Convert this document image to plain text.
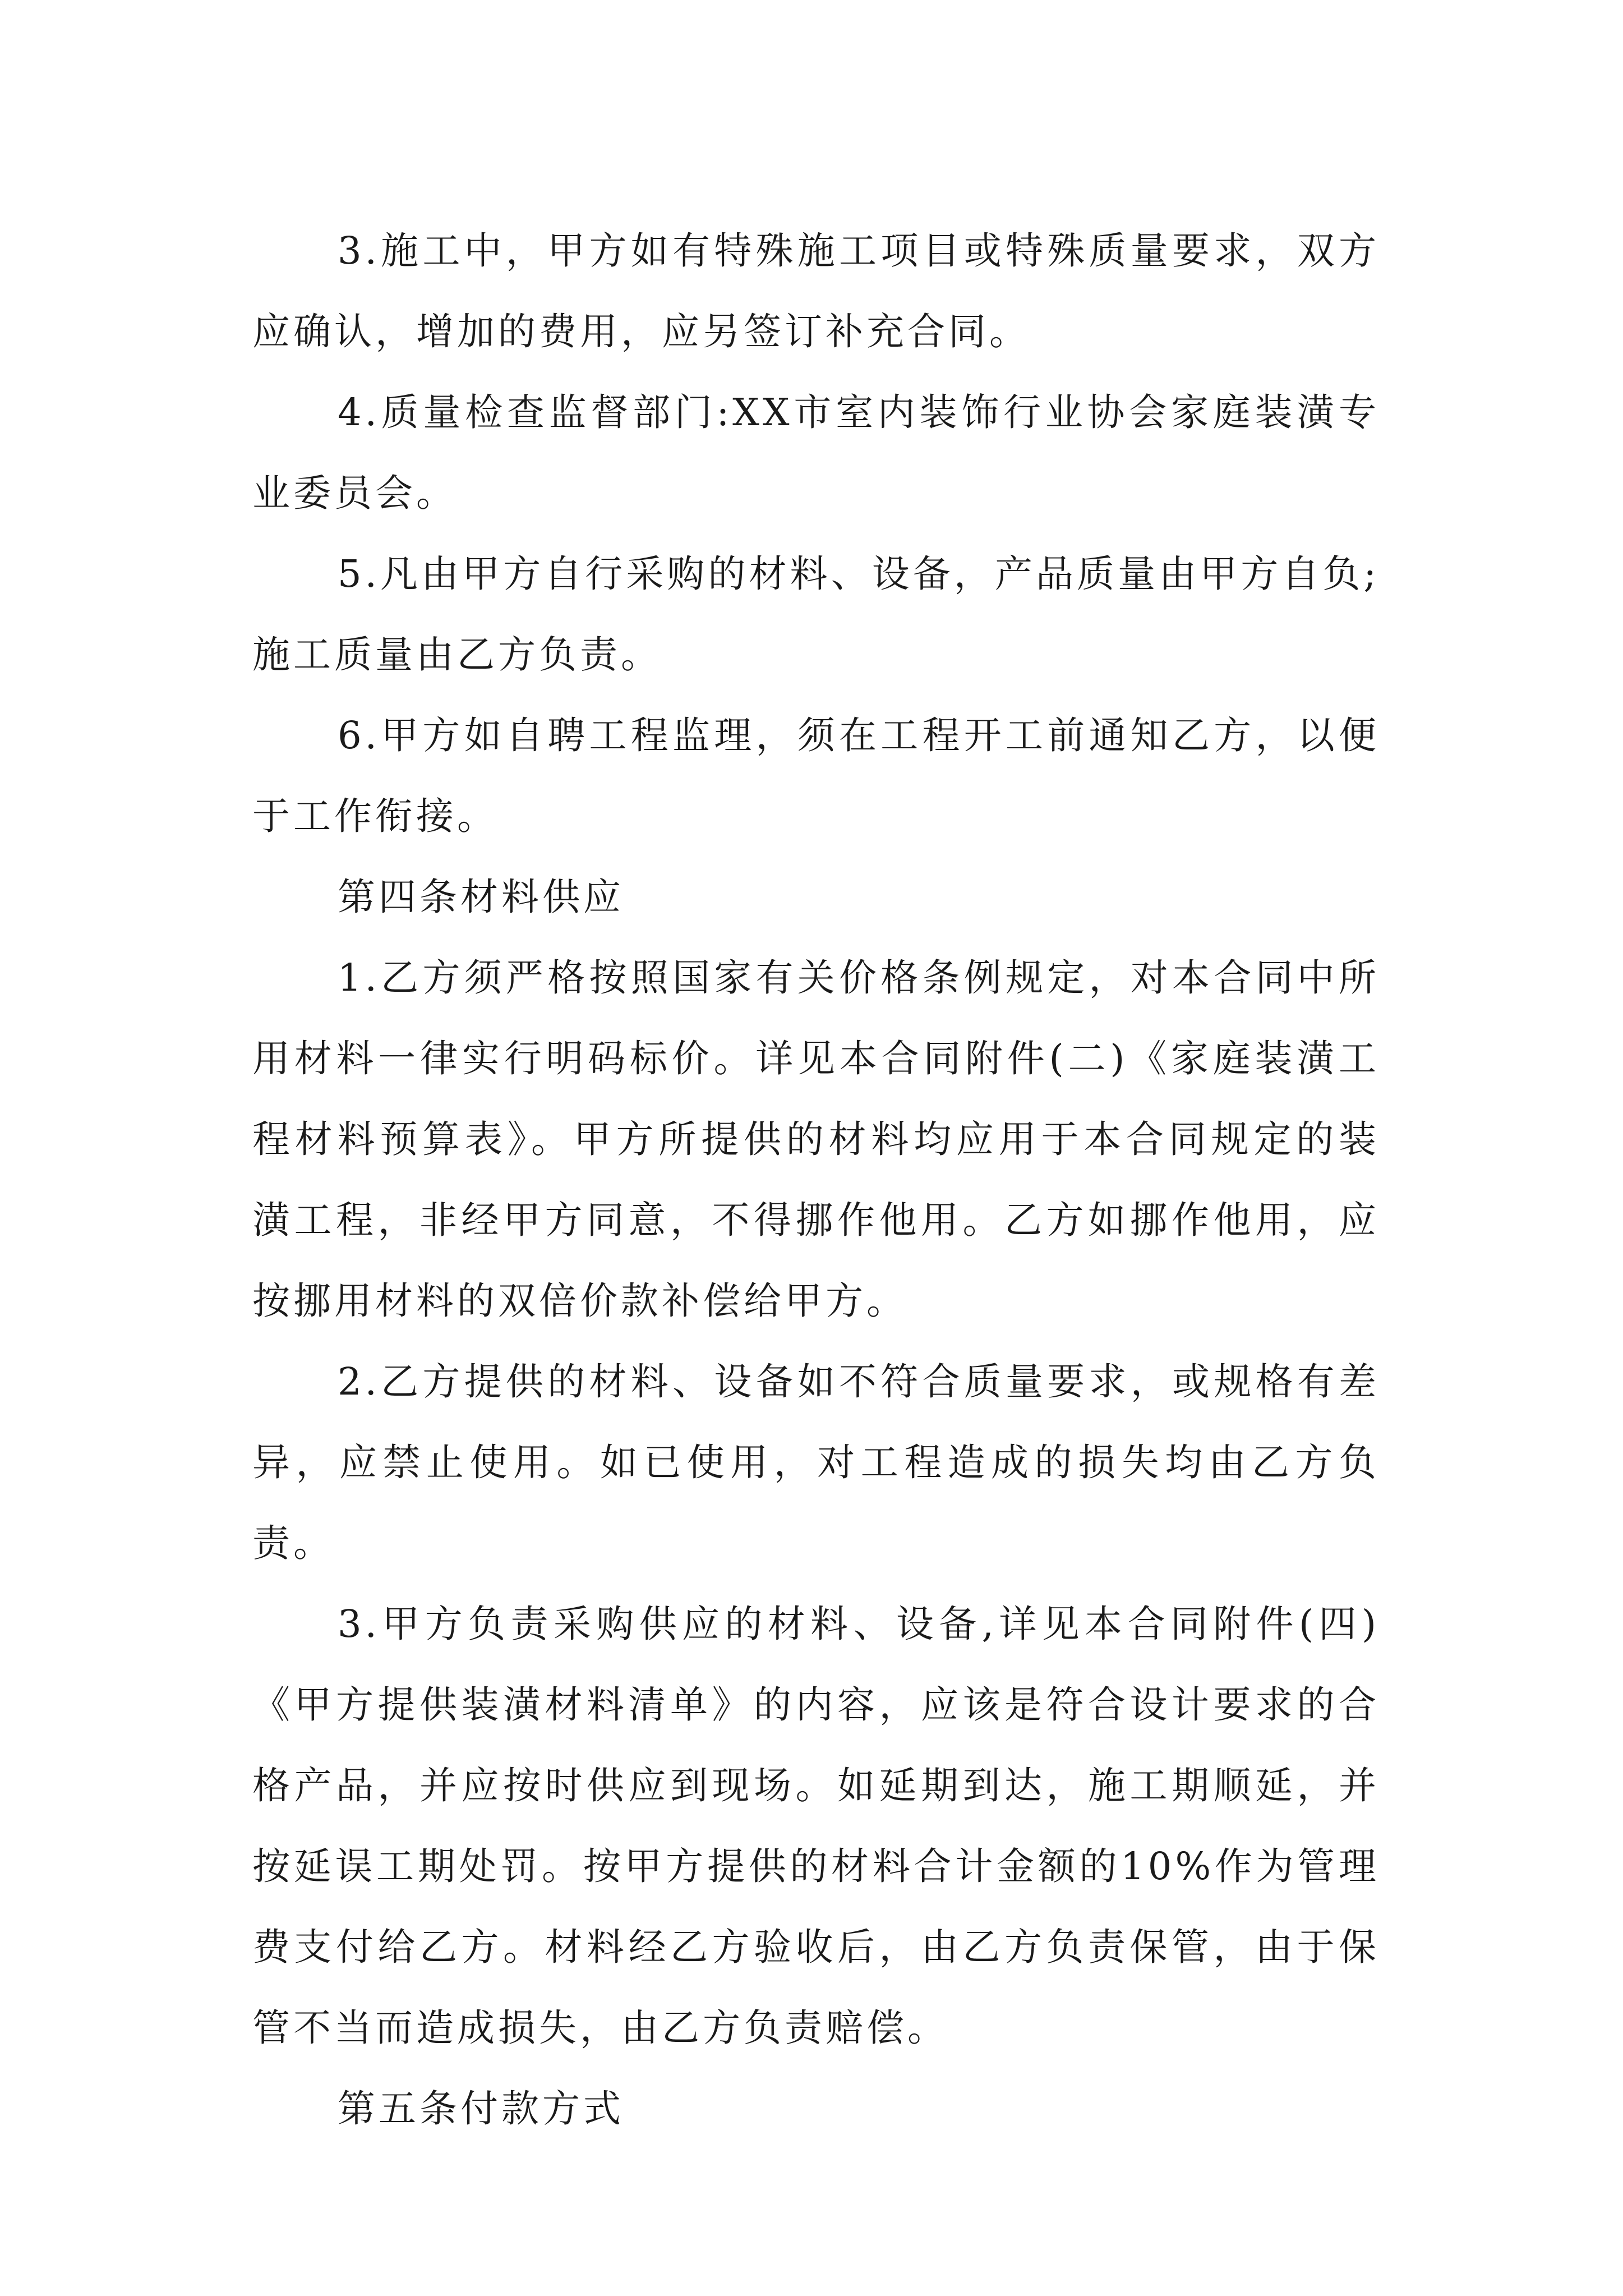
3.施工中，甲方如有特殊施工项目或特殊质量要求，双方应确认，增加的费用，应另签订补充合同。

4.质量检查监督部门:XX市室内装饰行业协会家庭装潢专业委员会。

5.凡由甲方自行采购的材料、设备，产品质量由甲方自负;施工质量由乙方负责。

6.甲方如自聘工程监理，须在工程开工前通知乙方，以便于工作衔接。

第四条材料供应

1.乙方须严格按照国家有关价格条例规定，对本合同中所用材料一律实行明码标价。详见本合同附件(二)《家庭装潢工程材料预算表》。甲方所提供的材料均应用于本合同规定的装潢工程，非经甲方同意，不得挪作他用。乙方如挪作他用，应按挪用材料的双倍价款补偿给甲方。

2.乙方提供的材料、设备如不符合质量要求，或规格有差异，应禁止使用。如已使用，对工程造成的损失均由乙方负责。

3.甲方负责采购供应的材料、设备,详见本合同附件(四)《甲方提供装潢材料清单》的内容，应该是符合设计要求的合格产品，并应按时供应到现场。如延期到达，施工期顺延，并按延误工期处罚。按甲方提供的材料合计金额的10%作为管理费支付给乙方。材料经乙方验收后，由乙方负责保管，由于保管不当而造成损失，由乙方负责赔偿。

第五条付款方式
